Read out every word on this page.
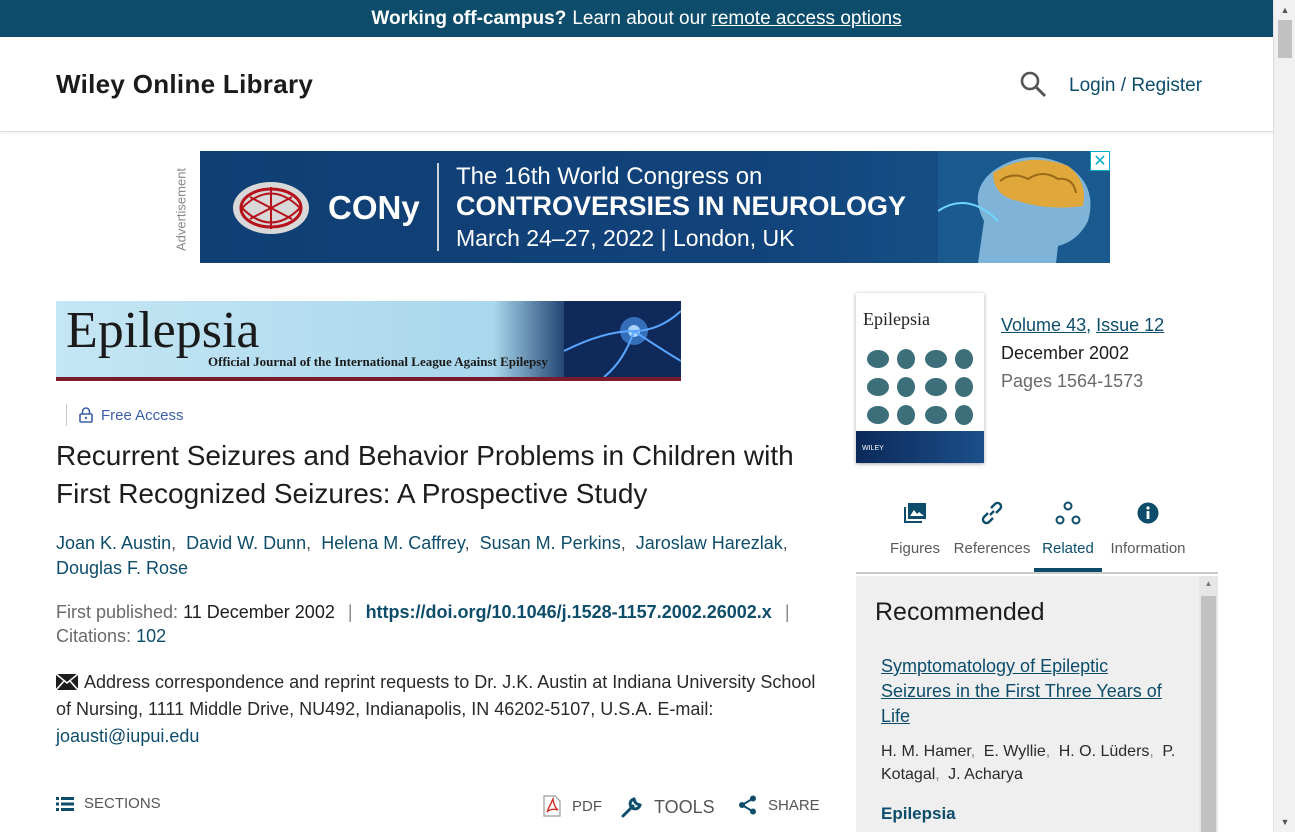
Working off-campus? Learn about our remote access options	▲
▼
Wiley Online Library	Login / Register
Advertisement	CONy
The 16th World Congress on
CONTROVERSIES IN NEUROLOGY
March 24–27, 2022 | London, UK
✕
Epilepsia
Official Journal of the International League Against Epilepsy
Free Access
Recurrent Seizures and Behavior Problems in Children with First Recognized Seizures: A Prospective Study
Joan K. Austin, David W. Dunn, Helena M. Caffrey, Susan M. Perkins, Jaroslaw Harezlak, Douglas F. Rose
First published: 11 December 2002 | https://doi.org/10.1046/j.1528-1157.2002.26002.x |
Citations: 102
Address correspondence and reprint requests to Dr. J.K. Austin at Indiana University School of Nursing, 1111 Middle Drive, NU492, Indianapolis, IN 46202-5107, U.S.A. E-mail:
joausti@iupui.edu
SECTIONS	PDF	TOOLS	SHARE
Epilepsia
WILEY
Volume 43, Issue 12
December 2002
Pages 1564-1573
Figures References Related	Information
Recommended
Symptomatology of Epileptic Seizures in the First Three Years of Life
H. M. Hamer, E. Wyllie, H. O. Lüders, P. Kotagal, J. Acharya
Epilepsia
▲
